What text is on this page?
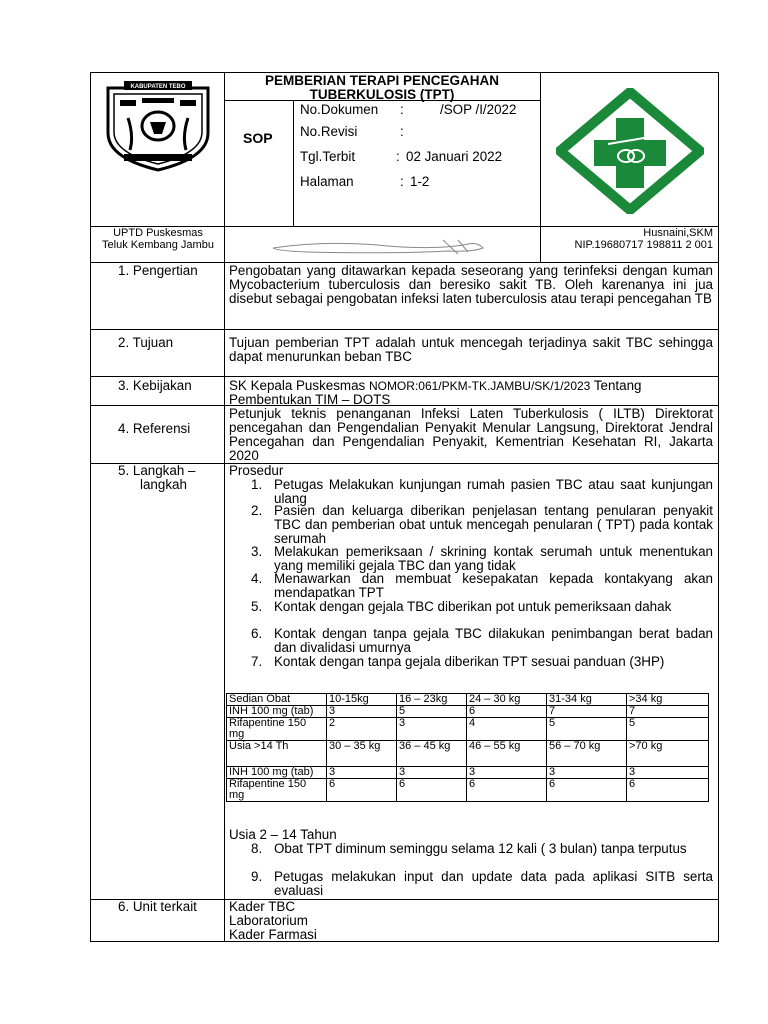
KABUPATEN TEBO	PEMBERIAN TERAPI PENCEGAHAN TUBERKULOSIS (TPT)
SOP
No.Dokumen :	/SOP /I/2022
No.Revisi	:
Tgl.Terbit	: 02 Januari 2022
Halaman	: 1-2
UPTD Puskesmas Teluk Kembang Jambu
Husnaini,SKM
NIP.19680717 198811 2 001
1. Pengertian Pengobatan yang ditawarkan kepada seseorang yang terinfeksi dengan kuman Mycobacterium tuberculosis dan beresiko sakit TB. Oleh karenanya ini jua disebut sebagai pengobatan infeksi laten tuberculosis atau terapi pencegahan TB
2. Tujuan	Tujuan pemberian TPT adalah untuk mencegah terjadinya sakit TBC sehingga dapat menurunkan beban TBC
3. Kebijakan	SK Kepala Puskesmas NOMOR:061/PKM-TK.JAMBU/SK/1/2023 Tentang Pembentukan TIM – DOTS
4. Referensi
Petunjuk teknis penanganan Infeksi Laten Tuberkulosis ( ILTB) Direktorat pencegahan dan Pengendalian Penyakit Menular Langsung, Direktorat Jendral Pencegahan dan Pengendalian Penyakit, Kementrian Kesehatan RI, Jakarta 2020
5. Langkah –
langkah
Prosedur
1. Petugas Melakukan kunjungan rumah pasien TBC atau saat kunjungan ulang
2. Pasien dan keluarga diberikan penjelasan tentang penularan penyakit TBC dan pemberian obat untuk mencegah penularan ( TPT) pada kontak serumah
3. Melakukan pemeriksaan / skrining kontak serumah untuk menentukan yang memiliki gejala TBC dan yang tidak
4. Menawarkan dan membuat kesepakatan kepada kontakyang akan mendapatkan TPT
5. Kontak dengan gejala TBC diberikan pot untuk pemeriksaan dahak
6. Kontak dengan tanpa gejala TBC dilakukan penimbangan berat badan dan divalidasi umurnya
7. Kontak dengan tanpa gejala diberikan TPT sesuai panduan (3HP)
Sedian Obat	10-15kg	16 – 23kg	24 – 30 kg	31-34 kg	>34 kg
INH 100 mg (tab)	3	5	6	7	7
Rifapentine 150 mg	2	3	4	5	5
Usia >14 Th	30 – 35 kg	36 – 45 kg	46 – 55 kg	56 – 70 kg	>70 kg
INH 100 mg (tab)	3	3	3	3	3
Rifapentine 150 mg	6	6	6	6	6
Usia 2 – 14 Tahun
8. Obat TPT diminum seminggu selama 12 kali ( 3 bulan) tanpa terputus
9. Petugas melakukan input dan update data pada aplikasi SITB serta evaluasi
6. Unit terkait Kader TBC
Laboratorium
Kader Farmasi
